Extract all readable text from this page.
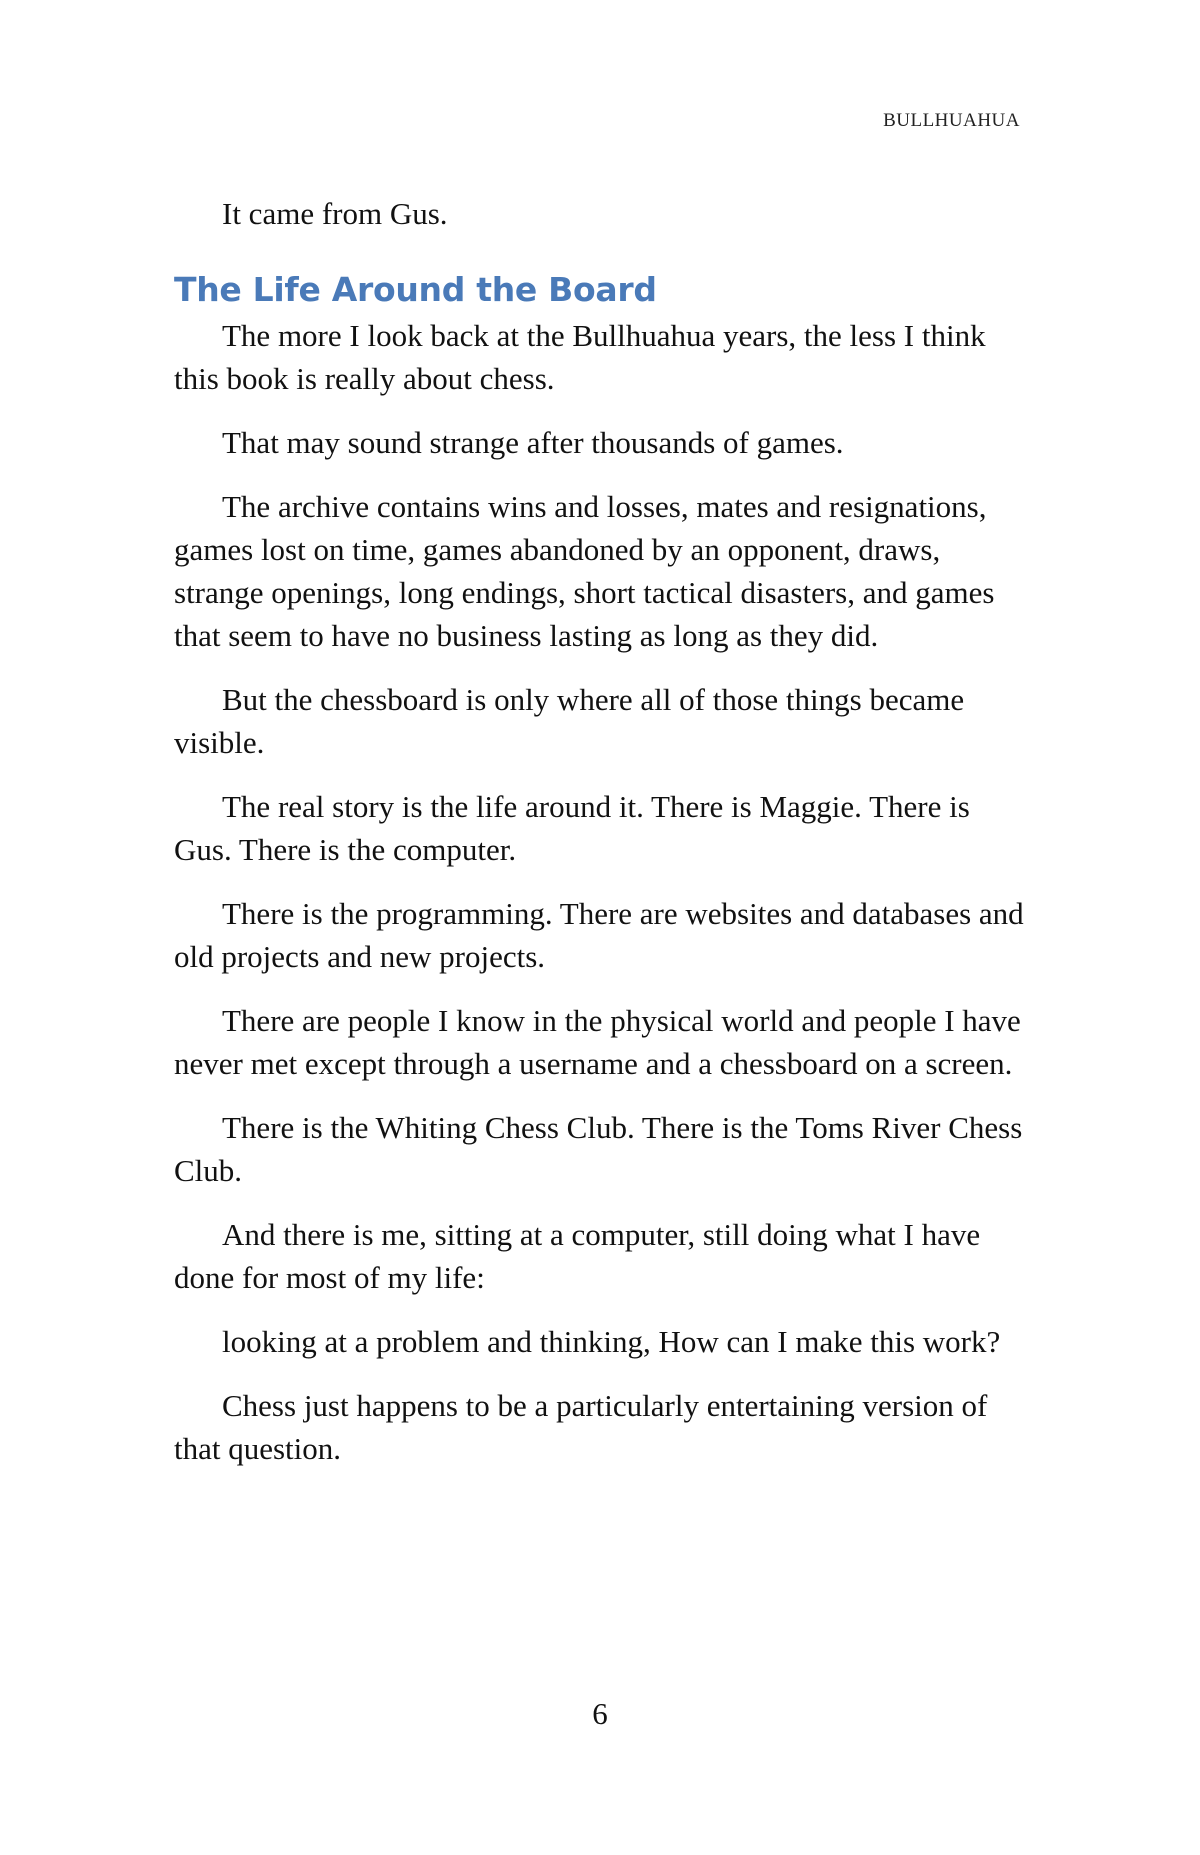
BULLHUAHUA

It came from Gus.

The Life Around the Board

The more I look back at the Bullhuahua years, the less I think this book is really about chess.

That may sound strange after thousands of games.

The archive contains wins and losses, mates and resignations, games lost on time, games abandoned by an opponent, draws, strange openings, long endings, short tactical disasters, and games that seem to have no business lasting as long as they did.

But the chessboard is only where all of those things became visible.

The real story is the life around it. There is Maggie. There is Gus. There is the computer.

There is the programming. There are websites and databases and old projects and new projects.

There are people I know in the physical world and people I have never met except through a username and a chessboard on a screen.

There is the Whiting Chess Club. There is the Toms River Chess Club.

And there is me, sitting at a computer, still doing what I have done for most of my life:

looking at a problem and thinking, How can I make this work?

Chess just happens to be a particularly entertaining version of that question.

6
